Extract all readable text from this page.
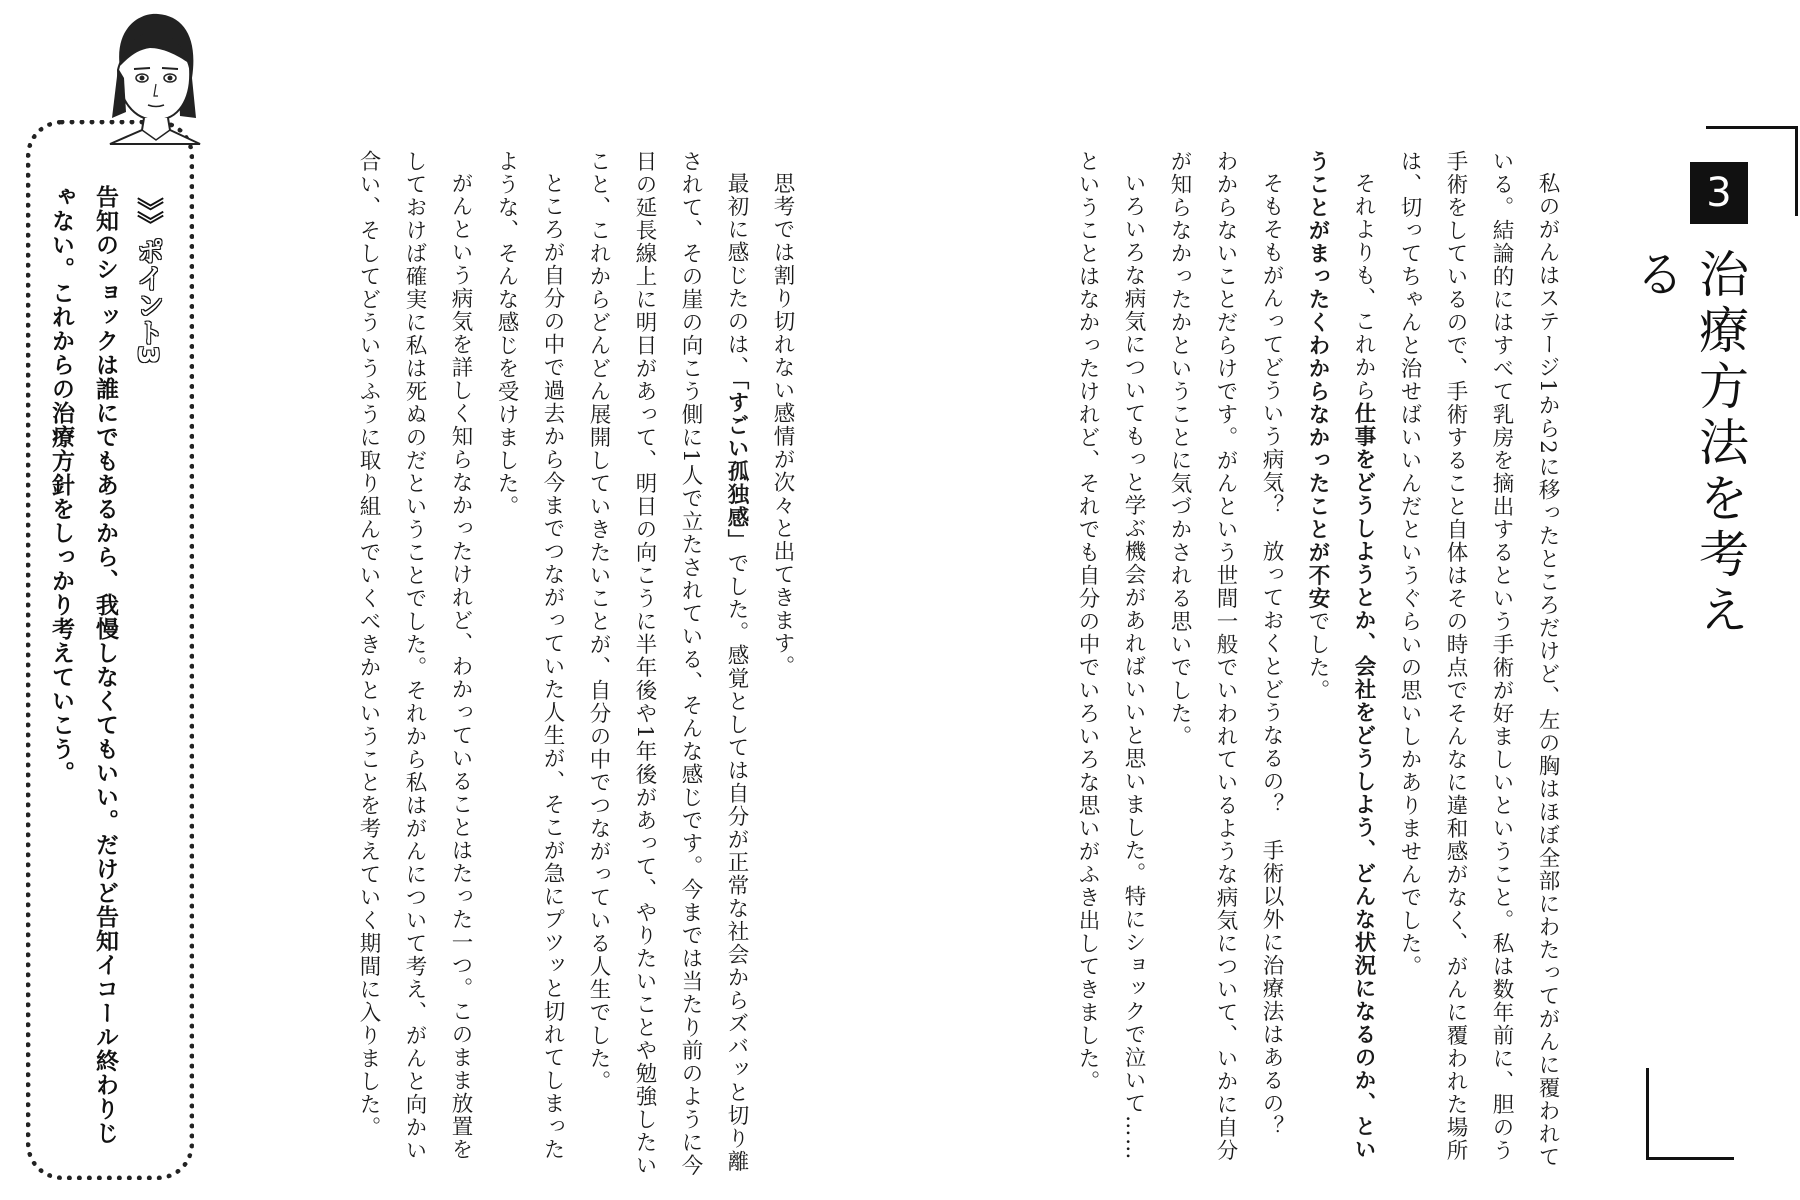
3
治療方法を考える

私のがんはステージ1から2に移ったところだけど、左の胸はほぼ全部にわたってがんに覆われている。結論的にはすべて乳房を摘出するという手術が好ましいということ。私は数年前に、胆のう手術をしているので、手術すること自体はその時点でそんなに違和感がなく、がんに覆われた場所は、切ってちゃんと治せばいいんだというぐらいの思いしかありませんでした。

それよりも、これから仕事をどうしようとか、会社をどうしよう、どんな状況になるのか、ということがまったくわからなかったことが不安でした。

そもそもがんってどういう病気？　放っておくとどうなるの？　手術以外に治療法はあるの？　わからないことだらけです。がんという世間一般でいわれているような病気について、いかに自分が知らなかったかということに気づかされる思いでした。

いろいろな病気についてもっと学ぶ機会があればいいと思いました。特にショックで泣いて……ということはなかったけれど、それでも自分の中でいろいろな思いがふき出してきました。

思考では割り切れない感情が次々と出てきます。

最初に感じたのは、「すごい孤独感」でした。感覚としては自分が正常な社会からズバッと切り離されて、その崖の向こう側に1人で立たされている、そんな感じです。今までは当たり前のように今日の延長線上に明日があって、明日の向こうに半年後や1年後があって、やりたいことや勉強したいこと、これからどんどん展開していきたいことが、自分の中でつながっている人生でした。

ところが自分の中で過去から今までつながっていた人生が、そこが急にプツッと切れてしまったような、そんな感じを受けました。

がんという病気を詳しく知らなかったけれど、わかっていることはたった一つ。このまま放置をしておけば確実に私は死ぬのだということでした。それから私はがんについて考え、がんと向かい合い、そしてどういうふうに取り組んでいくべきかということを考えていく期間に入りました。

》》ポイント3
告知のショックは誰にでもあるから、我慢しなくてもいい。だけど告知イコール終わりじゃない。これからの治療方針をしっかり考えていこう。
